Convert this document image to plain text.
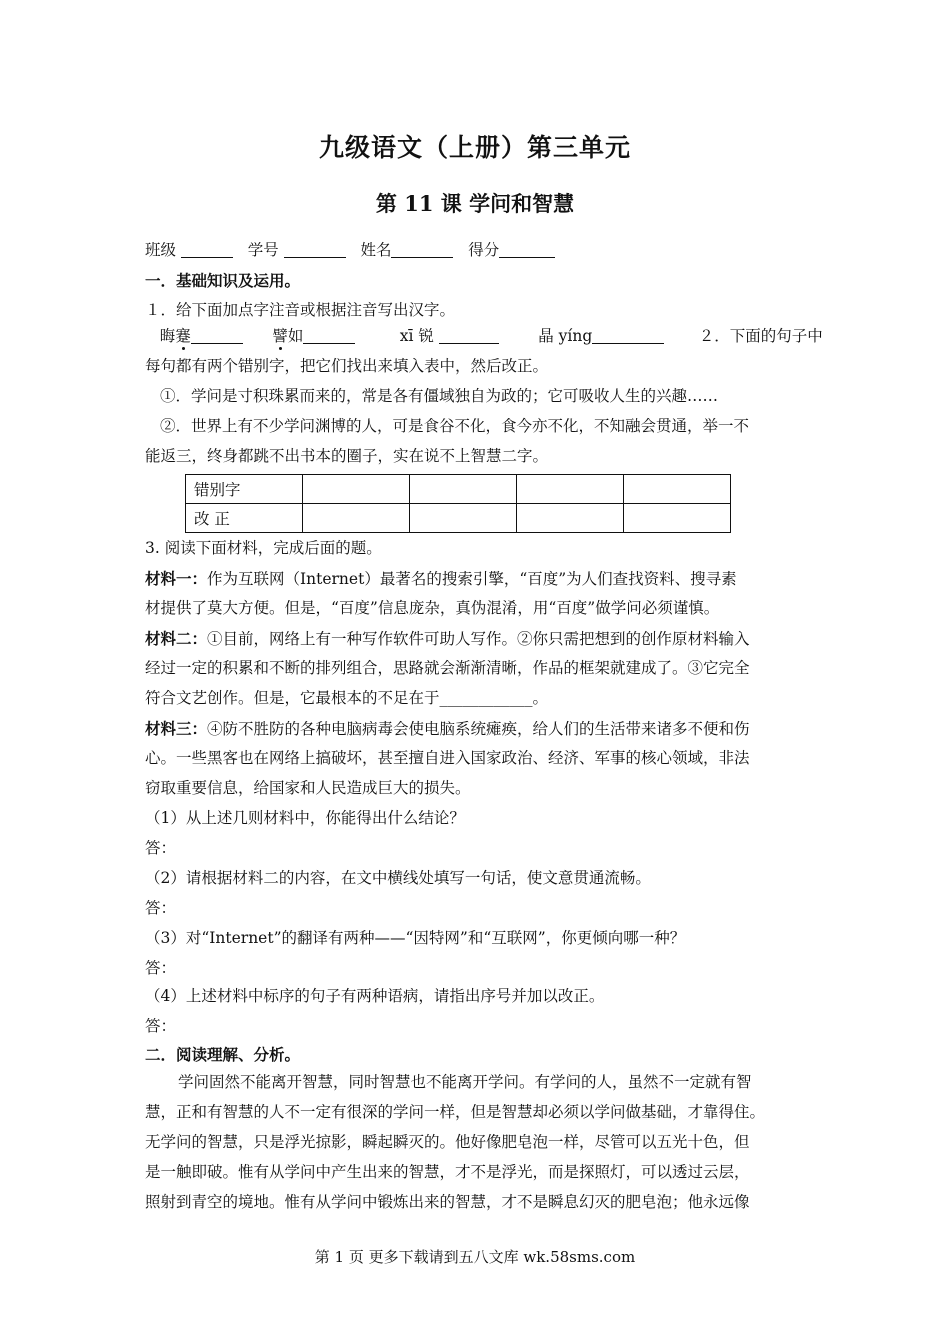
九级语文（上册）第三单元
第 11 课 学问和智慧
班级	学号	姓名	得分
一．基础知识及运用。
１．给下面加点字注音或根据注音写出汉字。
晦蹇	譬如	xī 锐	晶 yíng	２．下面的句子中
每句都有两个错别字，把它们找出来填入表中，然后改正。
①．学问是寸积珠累而来的，常是各有僵域独自为政的；它可吸收人生的兴趣……
②．世界上有不少学问渊博的人，可是食谷不化，食今亦不化，不知融会贯通，举一不
能返三，终身都跳不出书本的圈子，实在说不上智慧二字。
错别字				
改 正				
3. 阅读下面材料，完成后面的题。
材料一：作为互联网（Internet）最著名的搜索引擎，“百度”为人们查找资料、搜寻素
材提供了莫大方便。但是，“百度”信息庞杂，真伪混淆，用“百度”做学问必须谨慎。
材料二：①目前，网络上有一种写作软件可助人写作。②你只需把想到的创作原材料输入
经过一定的积累和不断的排列组合，思路就会渐渐清晰，作品的框架就建成了。③它完全
符合文艺创作。但是，它最根本的不足在于____________。
材料三：④防不胜防的各种电脑病毒会使电脑系统瘫痪，给人们的生活带来诸多不便和伤
心。一些黑客也在网络上搞破坏，甚至擅自进入国家政治、经济、军事的核心领域，非法
窃取重要信息，给国家和人民造成巨大的损失。
（1）从上述几则材料中，你能得出什么结论？
答：
（2）请根据材料二的内容，在文中横线处填写一句话，使文意贯通流畅。
答：
（3）对“Internet”的翻译有两种——“因特网”和“互联网”，你更倾向哪一种？
答：
（4）上述材料中标序的句子有两种语病，请指出序号并加以改正。
答：
二．阅读理解、分析。
学问固然不能离开智慧，同时智慧也不能离开学问。有学问的人，虽然不一定就有智
慧，正和有智慧的人不一定有很深的学问一样，但是智慧却必须以学问做基础，才靠得住。
无学问的智慧，只是浮光掠影，瞬起瞬灭的。他好像肥皂泡一样，尽管可以五光十色，但
是一触即破。惟有从学问中产生出来的智慧，才不是浮光，而是探照灯，可以透过云层，
照射到青空的境地。惟有从学问中锻炼出来的智慧，才不是瞬息幻灭的肥皂泡；他永远像
第 1 页 更多下载请到五八文库 wk.58sms.com
